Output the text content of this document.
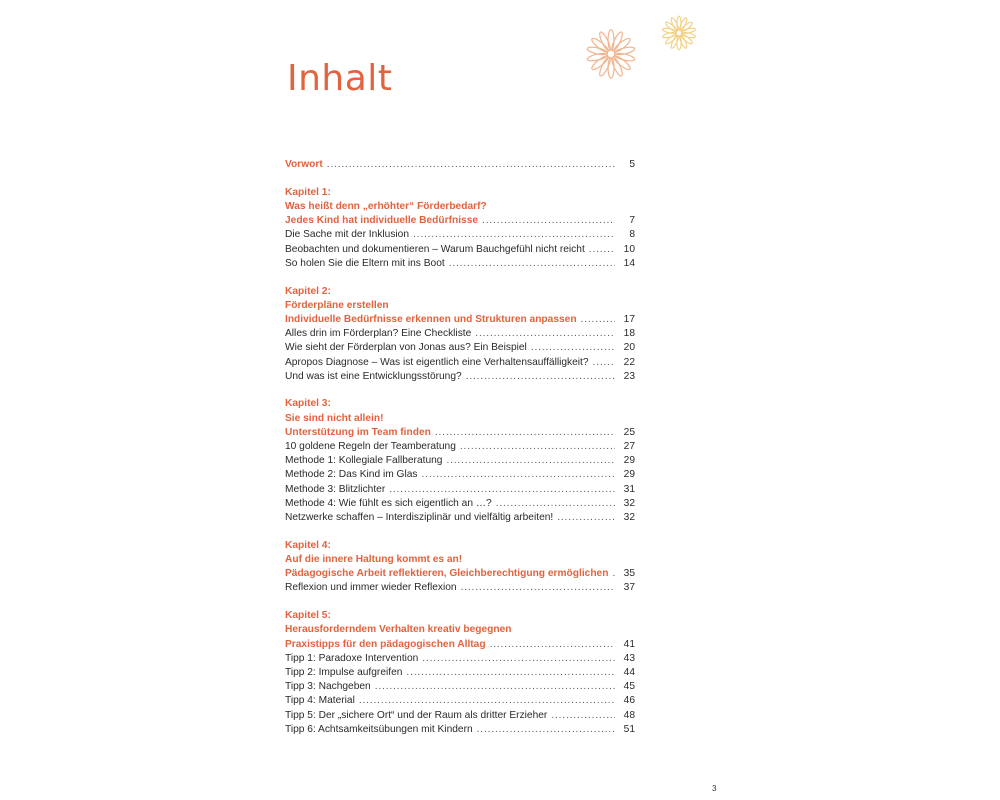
Inhalt
Vorwort . . .	5
Kapitel 1:
Was heißt denn „erhöhter“ Förderbedarf?
Jedes Kind hat individuelle Bedürfnisse . . .	7
Die Sache mit der Inklusion . . .	8
Beobachten und dokumentieren – Warum Bauchgefühl nicht reicht . . .	10
So holen Sie die Eltern mit ins Boot . . .	14
Kapitel 2:
Förderpläne erstellen
Individuelle Bedürfnisse erkennen und Strukturen anpassen . . .	17
Alles drin im Förderplan? Eine Checkliste . . .	18
Wie sieht der Förderplan von Jonas aus? Ein Beispiel . . .	20
Apropos Diagnose – Was ist eigentlich eine Verhaltensauffälligkeit? . . .	22
Und was ist eine Entwicklungsstörung? . . .	23
Kapitel 3:
Sie sind nicht allein!
Unterstützung im Team finden . . .	25
10 goldene Regeln der Teamberatung . . .	27
Methode 1: Kollegiale Fallberatung . . .	29
Methode 2: Das Kind im Glas . . .	29
Methode 3: Blitzlichter . . .	31
Methode 4: Wie fühlt es sich eigentlich an …? . . .	32
Netzwerke schaffen – Interdisziplinär und vielfältig arbeiten! . . .	32
Kapitel 4:
Auf die innere Haltung kommt es an!
Pädagogische Arbeit reflektieren, Gleichberechtigung ermöglichen . . .	35
Reflexion und immer wieder Reflexion . . .	37
Kapitel 5:
Herausforderndem Verhalten kreativ begegnen
Praxistipps für den pädagogischen Alltag . . .	41
Tipp 1: Paradoxe Intervention . . .	43
Tipp 2: Impulse aufgreifen . . .	44
Tipp 3: Nachgeben . . .	45
Tipp 4: Material . . .	46
Tipp 5: Der „sichere Ort“ und der Raum als dritter Erzieher . . .	48
Tipp 6: Achtsamkeitsübungen mit Kindern . . .	51
3
